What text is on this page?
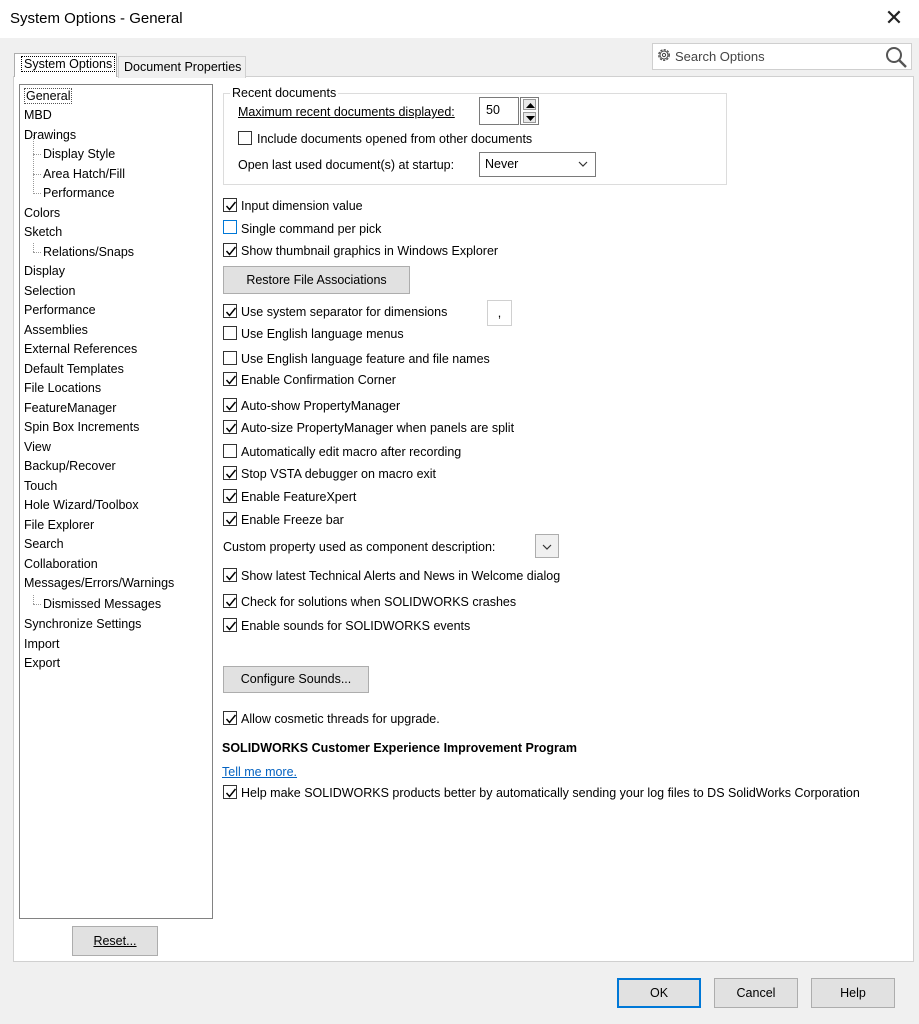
System Options - General	✕
Search Options
System Options Document Properties
General
MBD
Drawings
Display Style
Area Hatch/Fill
Performance
Colors
Sketch
Relations/Snaps
Display
Selection
Performance
Assemblies
External References
Default Templates
File Locations
FeatureManager
Spin Box Increments
View
Backup/Recover
Touch
Hole Wizard/Toolbox
File Explorer
Search
Collaboration
Messages/Errors/Warnings
Dismissed Messages
Synchronize Settings
Import
Export
Reset...
Recent documents
Maximum recent documents displayed:	50
Include documents opened from other documents
Open last used document(s) at startup: Never
Input dimension value
Single command per pick
Show thumbnail graphics in Windows Explorer
Restore File Associations
Use system separator for dimensions	,
Use English language menus
Use English language feature and file names
Enable Confirmation Corner
Auto-show PropertyManager
Auto-size PropertyManager when panels are split
Automatically edit macro after recording
Stop VSTA debugger on macro exit
Enable FeatureXpert
Enable Freeze bar
Custom property used as component description:
Show latest Technical Alerts and News in Welcome dialog
Check for solutions when SOLIDWORKS crashes
Enable sounds for SOLIDWORKS events
Configure Sounds...
Allow cosmetic threads for upgrade.
SOLIDWORKS Customer Experience Improvement Program
Tell me more.
Help make SOLIDWORKS products better by automatically sending your log files to DS SolidWorks Corporation
OK	Cancel	Help
